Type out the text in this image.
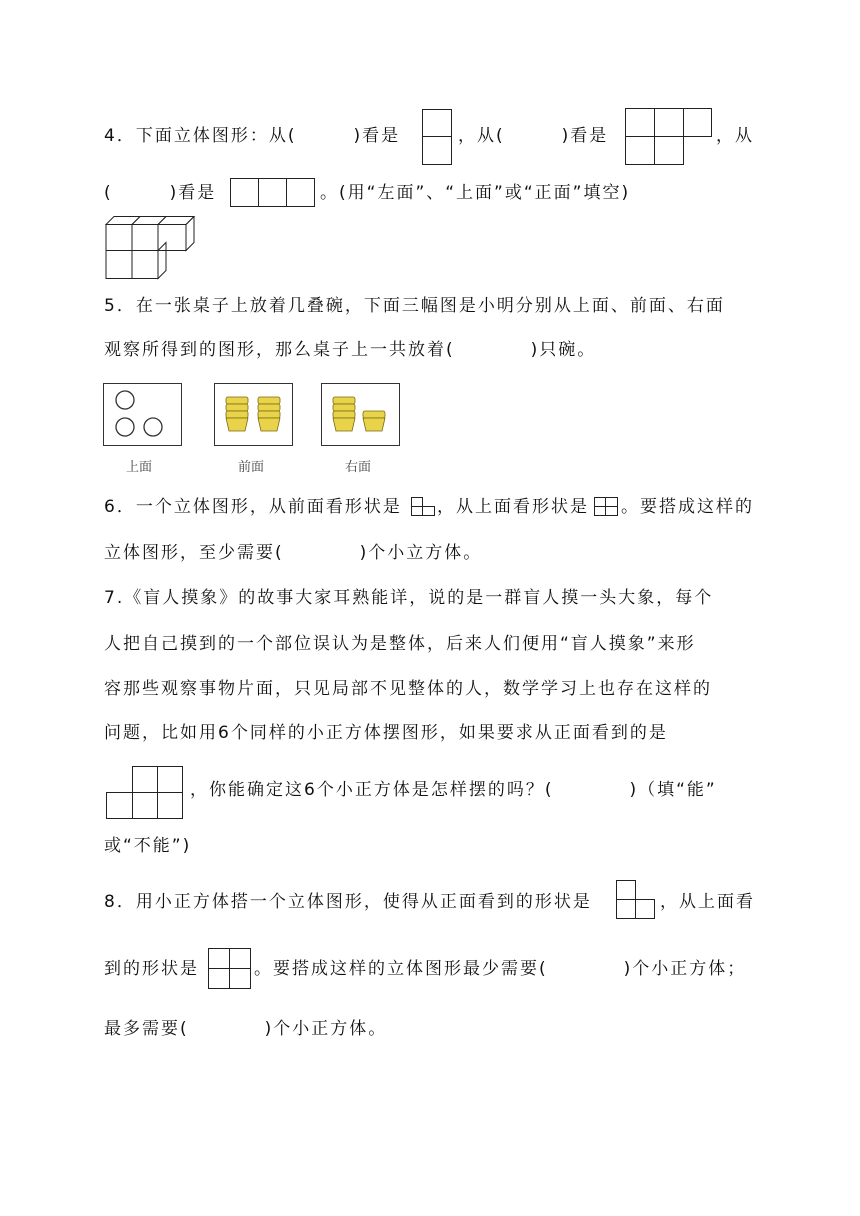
4．下面立体图形：从(　　　)看是	，从(　　　)看是	，从
(　　　)看是	。(用“左面”、“上面”或“正面”填空)
5．在一张桌子上放着几叠碗，下面三幅图是小明分别从上面、前面、右面
观察所得到的图形，那么桌子上一共放着(　　　　)只碗。
上面	前面	右面
6．一个立体图形，从前面看形状是 ，从上面看形状是 。要搭成这样的
立体图形，至少需要(　　　　)个小立方体。
7.《盲人摸象》的故事大家耳熟能详，说的是一群盲人摸一头大象，每个
人把自己摸到的一个部位误认为是整体，后来人们便用“盲人摸象”来形
容那些观察事物片面，只见局部不见整体的人，数学学习上也存在这样的
问题，比如用6个同样的小正方体摆图形，如果要求从正面看到的是
，你能确定这6个小正方体是怎样摆的吗？(　　　　)（填“能”
或“不能”)
8．用小正方体搭一个立体图形，使得从正面看到的形状是	，从上面看
到的形状是	。要搭成这样的立体图形最少需要(　　　　)个小正方体；
最多需要(　　　　)个小正方体。
